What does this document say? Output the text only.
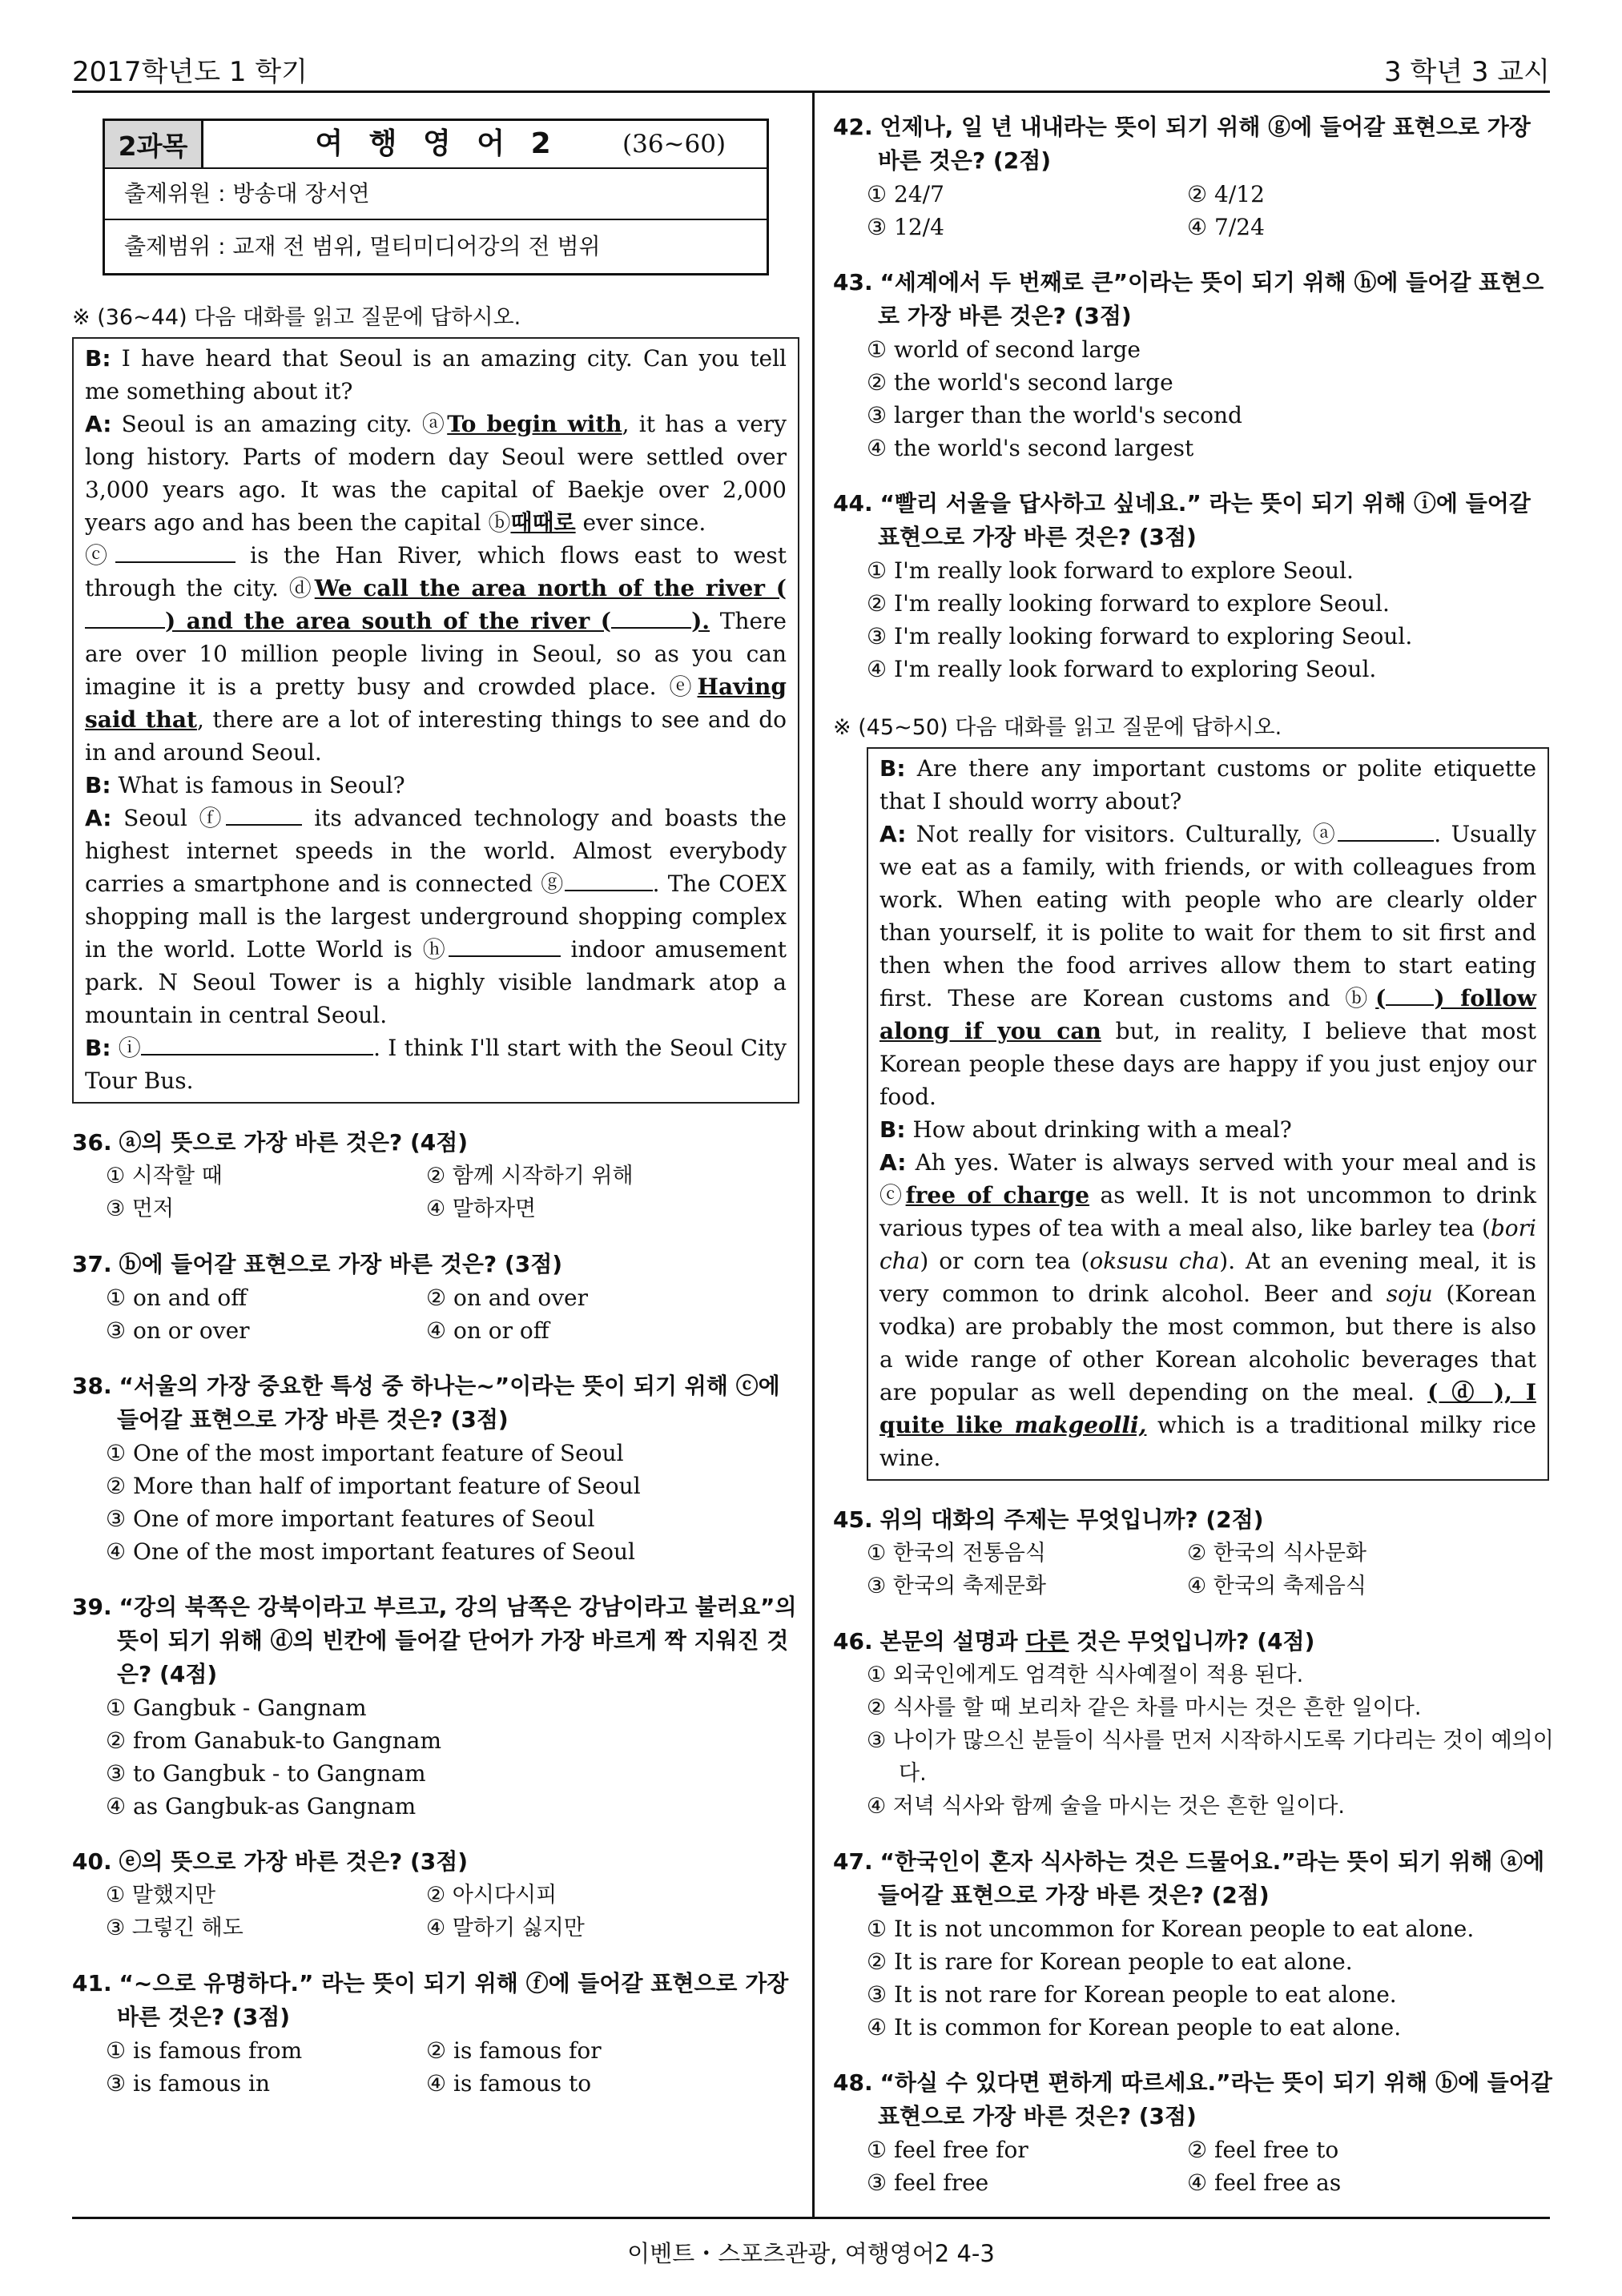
2017학년도 1 학기	3 학년 3 교시
2과목	여 행 영 어 2	(36~60)
출제위원 : 방송대 장서연
출제범위 : 교재 전 범위, 멀티미디어강의 전 범위
※ (36~44) 다음 대화를 읽고 질문에 답하시오.

B: I have heard that Seoul is an amazing city. Can you tell me something about it?

A: Seoul is an amazing city. ⓐTo begin with, it has a very long history. Parts of modern day Seoul were settled over 3,000 years ago. It was the capital of Baekje over 2,000 years ago and has been the capital ⓑ때때로 ever since.

ⓒ	is the Han River, which flows east to west through the city. ⓓWe call the area north of the river () and the area south of the river (	). There are over 10 million people living in Seoul, so as you can imagine it is a pretty busy and crowded place. ⓔHaving said that, there are a lot of interesting things to see and do in and around Seoul.

B: What is famous in Seoul?

A: Seoul ⓕ	its advanced technology and boasts the highest internet speeds in the world. Almost everybody carries a smartphone and is connected ⓖ	. The COEX shopping mall is the largest underground shopping complex in the world. Lotte World is ⓗ	indoor amusement park. N Seoul Tower is a highly visible landmark atop a mountain in central Seoul.

B: ⓘ	. I think I'll start with the Seoul City Tour Bus.

36. ⓐ의 뜻으로 가장 바른 것은? (4점)
① 시작할 때	② 함께 시작하기 위해
③ 먼저	④ 말하자면
37. ⓑ에 들어갈 표현으로 가장 바른 것은? (3점)
① on and off	② on and over
③ on or over	④ on or off
38. “서울의 가장 중요한 특성 중 하나는~”이라는 뜻이 되기 위해 ⓒ에 들어갈 표현으로 가장 바른 것은? (3점)
① One of the most important feature of Seoul
② More than half of important feature of Seoul
③ One of more important features of Seoul
④ One of the most important features of Seoul
39. “강의 북쪽은 강북이라고 부르고, 강의 남쪽은 강남이라고 불러요”의 뜻이 되기 위해 ⓓ의 빈칸에 들어갈 단어가 가장 바르게 짝 지워진 것은? (4점)
① Gangbuk - Gangnam
② from Ganabuk-to Gangnam
③ to Gangbuk - to Gangnam
④ as Gangbuk-as Gangnam
40. ⓔ의 뜻으로 가장 바른 것은? (3점)
① 말했지만	② 아시다시피
③ 그렇긴 해도	④ 말하기 싫지만
41. “~으로 유명하다.” 라는 뜻이 되기 위해 ⓕ에 들어갈 표현으로 가장 바른 것은? (3점)
① is famous from	② is famous for
③ is famous in	④ is famous to
42. 언제나, 일 년 내내라는 뜻이 되기 위해 ⓖ에 들어갈 표현으로 가장 바른 것은? (2점)
① 24/7	② 4/12
③ 12/4	④ 7/24
43. “세계에서 두 번째로 큰”이라는 뜻이 되기 위해 ⓗ에 들어갈 표현으로 가장 바른 것은? (3점)
① world of second large
② the world's second large
③ larger than the world's second
④ the world's second largest
44. “빨리 서울을 답사하고 싶네요.” 라는 뜻이 되기 위해 ⓘ에 들어갈 표현으로 가장 바른 것은? (3점)
① I'm really look forward to explore Seoul.
② I'm really looking forward to explore Seoul.
③ I'm really looking forward to exploring Seoul.
④ I'm really look forward to exploring Seoul.
※ (45~50) 다음 대화를 읽고 질문에 답하시오.

B: Are there any important customs or polite etiquette that I should worry about?

A: Not really for visitors. Culturally, ⓐ	. Usually we eat as a family, with friends, or with colleagues from work. When eating with people who are clearly older than yourself, it is polite to wait for them to sit first and then when the food arrives allow them to start eating first. These are Korean customs and ⓑ( ) follow along if you can but, in reality, I believe that most Korean people these days are happy if you just enjoy our food.

B: How about drinking with a meal?

A: Ah yes. Water is always served with your meal and is ⓒfree of charge as well. It is not uncommon to drink various types of tea with a meal also, like barley tea (bori cha) or corn tea (oksusu cha). At an evening meal, it is very common to drink alcohol. Beer and soju (Korean vodka) are probably the most common, but there is also a wide range of other Korean alcoholic beverages that are popular as well depending on the meal. ( ⓓ ), I quite like makgeolli, which is a traditional milky rice wine.

45. 위의 대화의 주제는 무엇입니까? (2점)
① 한국의 전통음식	② 한국의 식사문화
③ 한국의 축제문화	④ 한국의 축제음식
46. 본문의 설명과 다른 것은 무엇입니까? (4점)
① 외국인에게도 엄격한 식사예절이 적용 된다.
② 식사를 할 때 보리차 같은 차를 마시는 것은 흔한 일이다.
③ 나이가 많으신 분들이 식사를 먼저 시작하시도록 기다리는 것이 예의이다.
④ 저녁 식사와 함께 술을 마시는 것은 흔한 일이다.
47. “한국인이 혼자 식사하는 것은 드물어요.”라는 뜻이 되기 위해 ⓐ에 들어갈 표현으로 가장 바른 것은? (2점)
① It is not uncommon for Korean people to eat alone.
② It is rare for Korean people to eat alone.
③ It is not rare for Korean people to eat alone.
④ It is common for Korean people to eat alone.
48. “하실 수 있다면 편하게 따르세요.”라는 뜻이 되기 위해 ⓑ에 들어갈 표현으로 가장 바른 것은? (3점)
① feel free for	② feel free to
③ feel free	④ feel free as
이벤트・스포츠관광, 여행영어2 4-3
